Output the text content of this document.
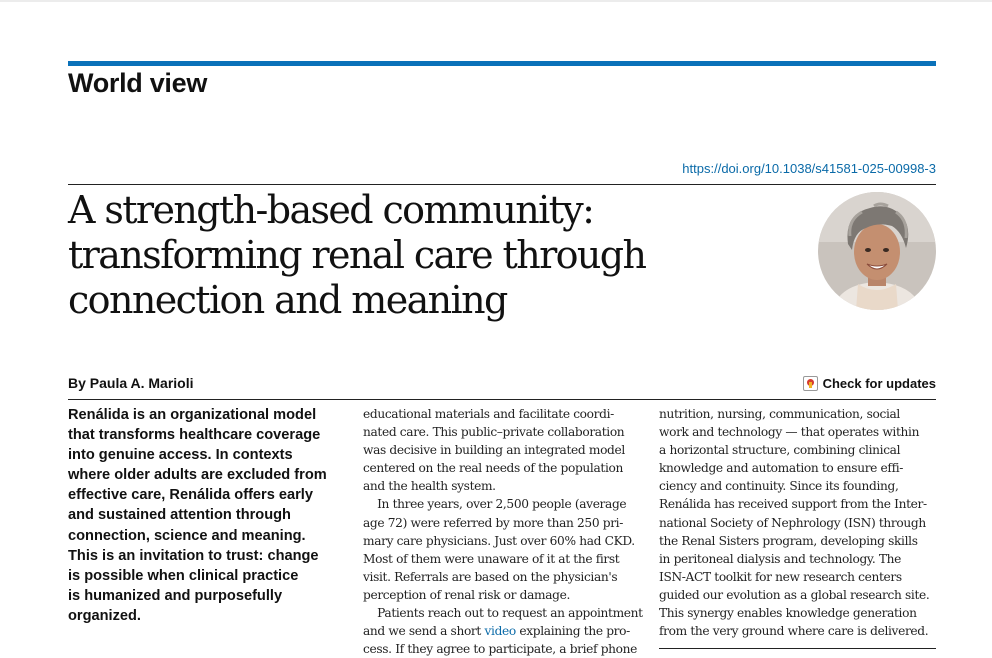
World view
https://doi.org/10.1038/s41581-025-00998-3
A strength-based community:
transforming renal care through
connection and meaning
By Paula A. Marioli	Check for updates
Renálida is an organizational model
that transforms healthcare coverage
into genuine access. In contexts
where older adults are excluded from
effective care, Renálida offers early
and sustained attention through
connection, science and meaning.
This is an invitation to trust: change
is possible when clinical practice
is humanized and purposefully
organized.
educational materials and facilitate coordi-
nated care. This public–private collaboration
was decisive in building an integrated model
centered on the real needs of the population
and the health system.
In three years, over 2,500 people (average
age 72) were referred by more than 250 pri-
mary care physicians. Just over 60% had CKD.
Most of them were unaware of it at the first
visit. Referrals are based on the physician's
perception of renal risk or damage.
Patients reach out to request an appointment
and we send a short video explaining the pro-
cess. If they agree to participate, a brief phone
nutrition, nursing, communication, social
work and technology — that operates within
a horizontal structure, combining clinical
knowledge and automation to ensure effi-
ciency and continuity. Since its founding,
Renálida has received support from the Inter-
national Society of Nephrology (ISN) through
the Renal Sisters program, developing skills
in peritoneal dialysis and technology. The
ISN-ACT toolkit for new research centers
guided our evolution as a global research site.
This synergy enables knowledge generation
from the very ground where care is delivered.
